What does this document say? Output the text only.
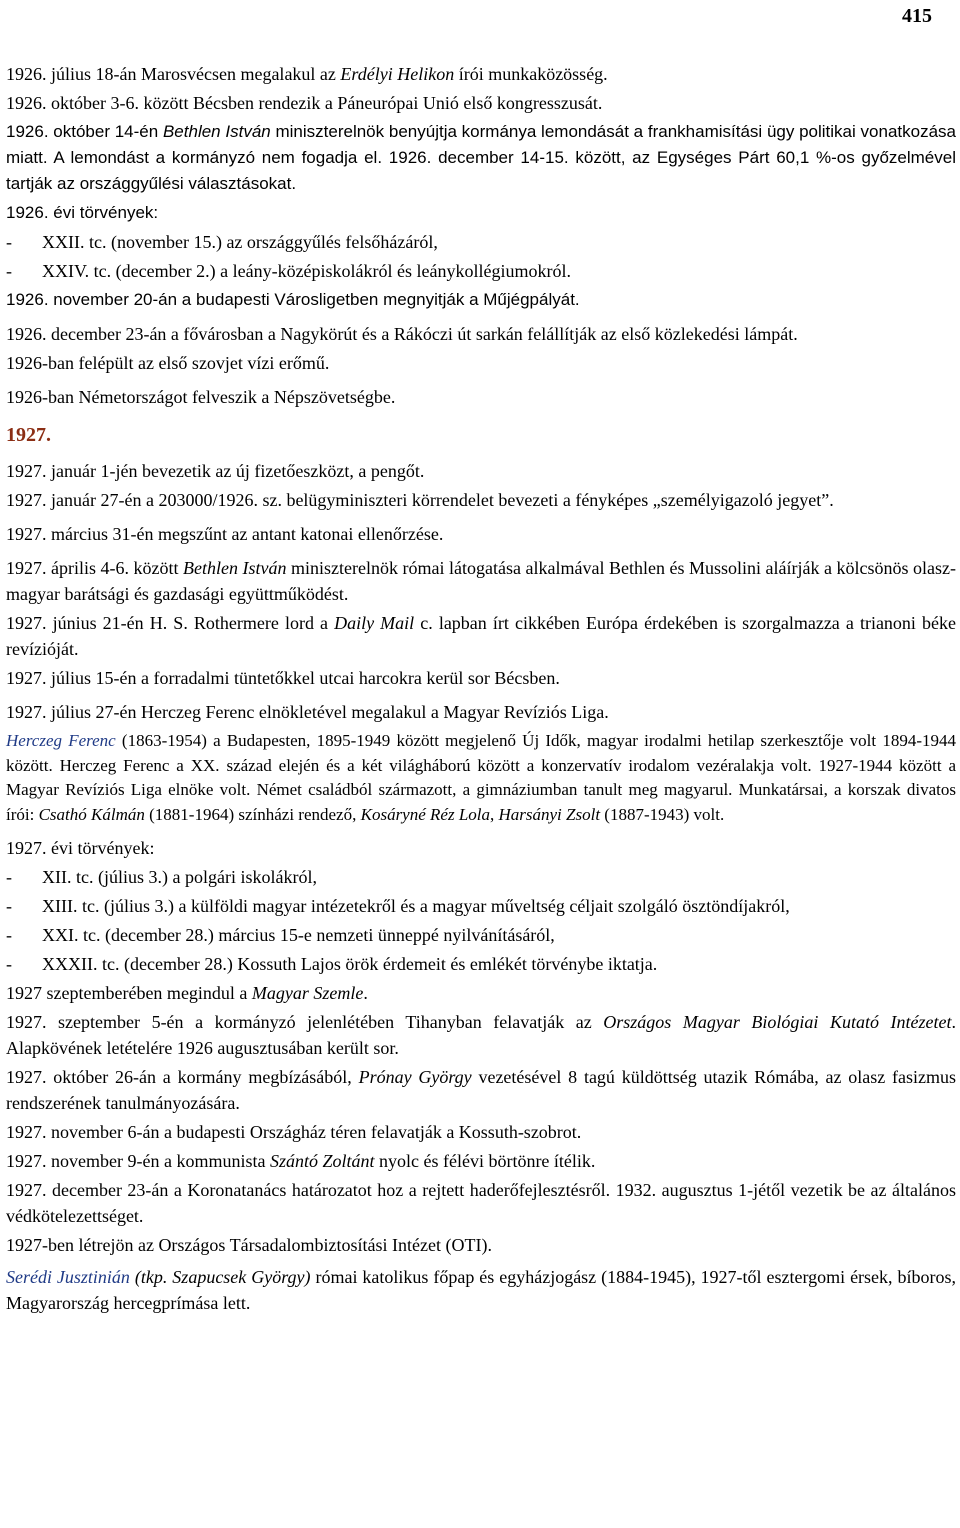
415

1926. július 18-án Marosvécsen megalakul az Erdélyi Helikon írói munkaközösség.

1926. október 3-6. között Bécsben rendezik a Páneurópai Unió első kongresszusát.

1926. október 14-én Bethlen István miniszterelnök benyújtja kormánya lemondását a frankhamisítási ügy politikai vonatkozása miatt. A lemondást a kormányzó nem fogadja el. 1926. december 14-15. között, az Egységes Párt 60,1 %-os győzelmével tartják az országgyűlési választásokat.

1926. évi törvények:

-	XXII. tc. (november 15.) az országgyűlés felsőházáról,
-	XXIV. tc. (december 2.) a leány-középiskolákról és leánykollégiumokról.

1926. november 20-án a budapesti Városligetben megnyitják a Műjégpályát.

1926. december 23-án a fővárosban a Nagykörút és a Rákóczi út sarkán felállítják az első közlekedési lámpát.

1926-ban felépült az első szovjet vízi erőmű.

1926-ban Németországot felveszik a Népszövetségbe.

1927.

1927. január 1-jén bevezetik az új fizetőeszközt, a pengőt.

1927. január 27-én a 203000/1926. sz. belügyminiszteri körrendelet bevezeti a fényképes „személyigazoló jegyet”.

1927. március 31-én megszűnt az antant katonai ellenőrzése.

1927. április 4-6. között Bethlen István miniszterelnök római látogatása alkalmával Bethlen és Mussolini aláírják a kölcsönös olasz-magyar barátsági és gazdasági együttműködést.

1927. június 21-én H. S. Rothermere lord a Daily Mail c. lapban írt cikkében Európa érdekében is szorgalmazza a trianoni béke revízióját.

1927. július 15-én a forradalmi tüntetőkkel utcai harcokra kerül sor Bécsben.

1927. július 27-én Herczeg Ferenc elnökletével megalakul a Magyar Revíziós Liga.

Herczeg Ferenc (1863-1954) a Budapesten, 1895-1949 között megjelenő Új Idők, magyar irodalmi hetilap szerkesztője volt 1894-1944 között. Herczeg Ferenc a XX. század elején és a két világháború között a konzervatív irodalom vezéralakja volt. 1927-1944 között a Magyar Revíziós Liga elnöke volt. Német családból származott, a gimnáziumban tanult meg magyarul. Munkatársai, a korszak divatos írói: Csathó Kálmán (1881-1964) színházi rendező, Kosáryné Réz Lola, Harsányi Zsolt (1887-1943) volt.

1927. évi törvények:

-	XII. tc. (július 3.) a polgári iskolákról,
-	XIII. tc. (július 3.) a külföldi magyar intézetekről és a magyar műveltség céljait szolgáló ösztöndíjakról,
-	XXI. tc. (december 28.) március 15-e nemzeti ünneppé nyilvánításáról,
-	XXXII. tc. (december 28.) Kossuth Lajos örök érdemeit és emlékét törvénybe iktatja.

1927 szeptemberében megindul a Magyar Szemle.

1927. szeptember 5-én a kormányzó jelenlétében Tihanyban felavatják az Országos Magyar Biológiai Kutató Intézetet. Alapkövének letételére 1926 augusztusában került sor.

1927. október 26-án a kormány megbízásából, Prónay György vezetésével 8 tagú küldöttség utazik Rómába, az olasz fasizmus rendszerének tanulmányozására.

1927. november 6-án a budapesti Országház téren felavatják a Kossuth-szobrot.

1927. november 9-én a kommunista Szántó Zoltánt nyolc és félévi börtönre ítélik.

1927. december 23-án a Koronatanács határozatot hoz a rejtett haderőfejlesztésről. 1932. augusztus 1-jétől vezetik be az általános védkötelezettséget.

1927-ben létrejön az Országos Társadalombiztosítási Intézet (OTI).

Serédi Jusztinián (tkp. Szapucsek György) római katolikus főpap és egyházjogász (1884-1945), 1927-től esztergomi érsek, bíboros, Magyarország hercegprímása lett.
